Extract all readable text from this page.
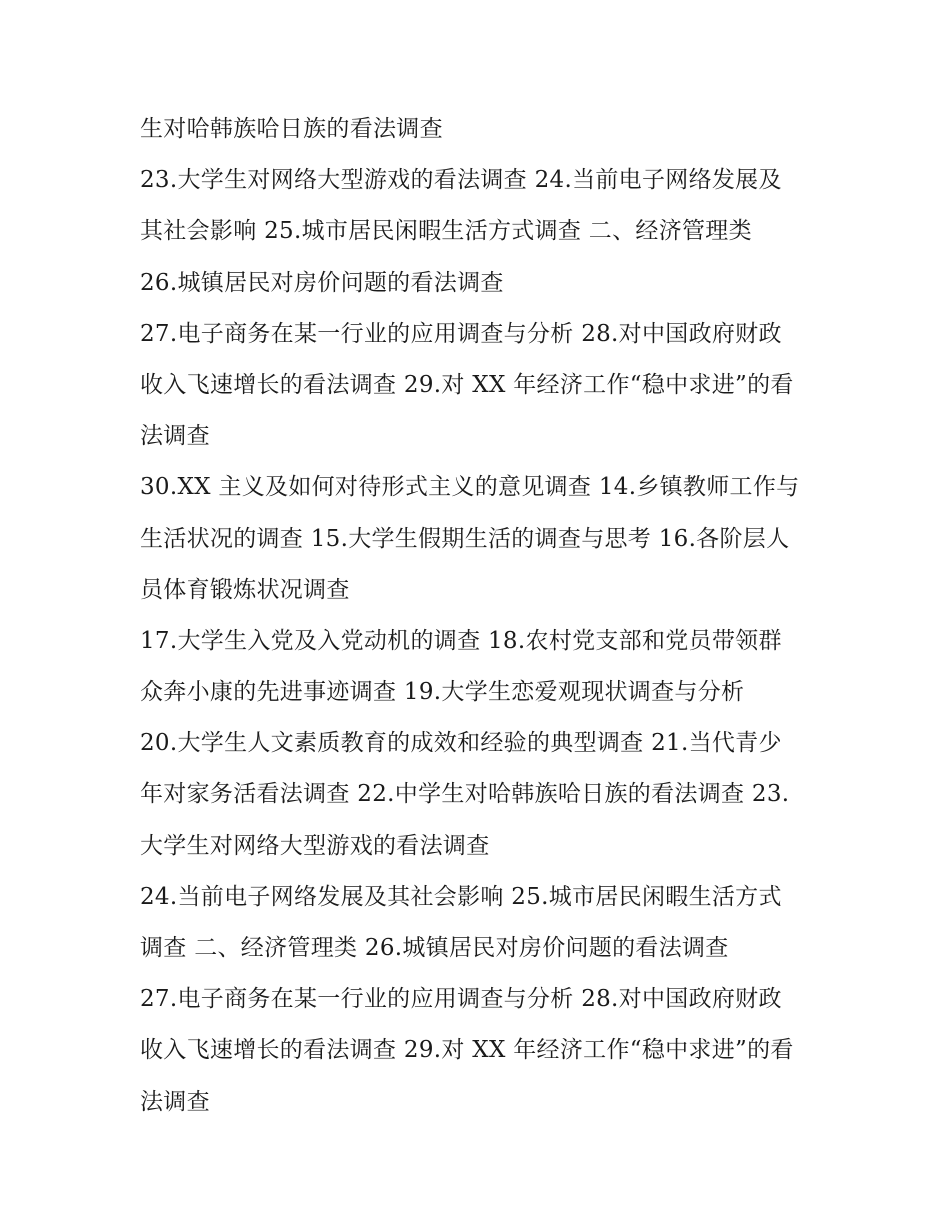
生对哈韩族哈日族的看法调查
23.大学生对网络大型游戏的看法调查 24.当前电子网络发展及
其社会影响 25.城市居民闲暇生活方式调查 二、经济管理类
26.城镇居民对房价问题的看法调查
27.电子商务在某一行业的应用调查与分析 28.对中国政府财政
收入飞速增长的看法调查 29.对 XX 年经济工作“稳中求进”的看
法调查
30.XX 主义及如何对待形式主义的意见调查 14.乡镇教师工作与
生活状况的调查 15.大学生假期生活的调查与思考 16.各阶层人
员体育锻炼状况调查
17.大学生入党及入党动机的调查 18.农村党支部和党员带领群
众奔小康的先进事迹调查 19.大学生恋爱观现状调查与分析
20.大学生人文素质教育的成效和经验的典型调查 21.当代青少
年对家务活看法调查 22.中学生对哈韩族哈日族的看法调查 23.
大学生对网络大型游戏的看法调查
24.当前电子网络发展及其社会影响 25.城市居民闲暇生活方式
调查 二、经济管理类 26.城镇居民对房价问题的看法调查
27.电子商务在某一行业的应用调查与分析 28.对中国政府财政
收入飞速增长的看法调查 29.对 XX 年经济工作“稳中求进”的看
法调查
